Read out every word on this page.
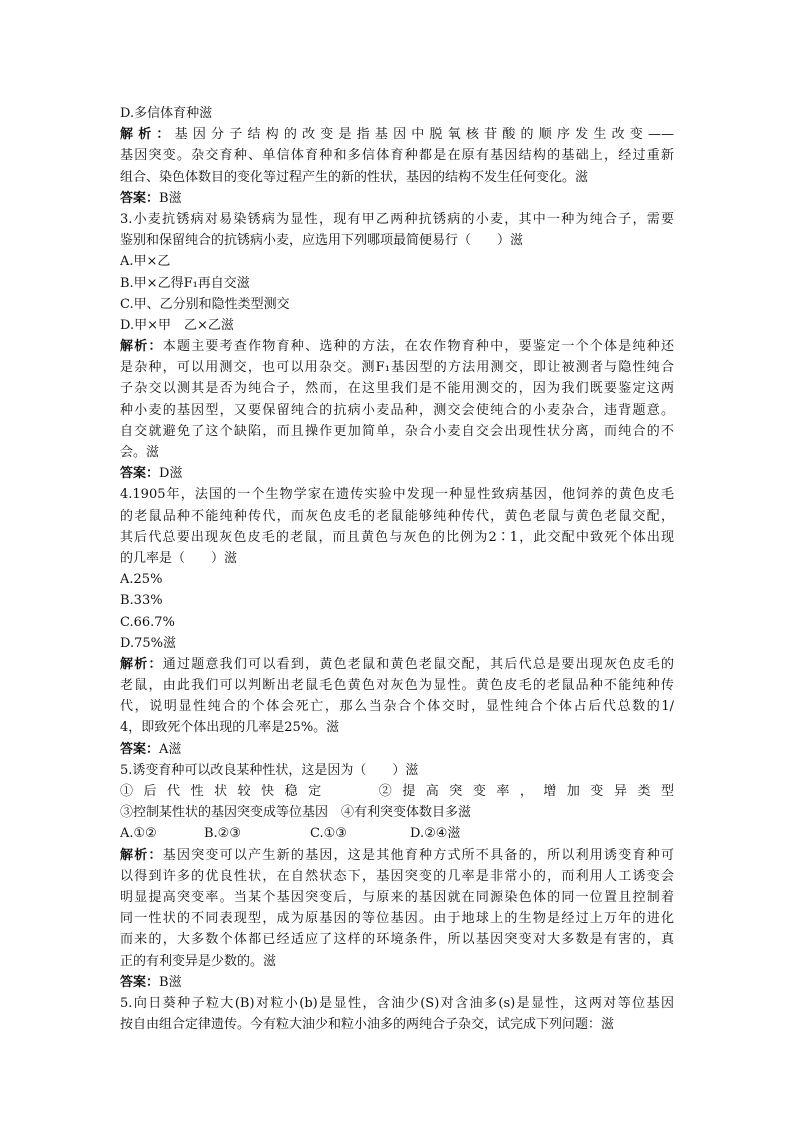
D.多信体育种滋
解析：基因分子结构的改变是指基因中脱氧核苷酸的顺序发生改变——
基因突变。杂交育种、单信体育种和多信体育种都是在原有基因结构的基础上，经过重新
组合、染色体数目的变化等过程产生的新的性状，基因的结构不发生任何变化。滋
答案：B滋
3.小麦抗锈病对易染锈病为显性，现有甲乙两种抗锈病的小麦，其中一种为纯合子，需要
鉴别和保留纯合的抗锈病小麦，应选用下列哪项最简便易行（　　）滋
A.甲×乙
B.甲×乙得F₁再自交滋
C.甲、乙分别和隐性类型测交
D.甲×甲　乙×乙滋
解析：本题主要考查作物育种、选种的方法，在农作物育种中，要鉴定一个个体是纯种还
是杂种，可以用测交，也可以用杂交。测F₁基因型的方法用测交，即让被测者与隐性纯合
子杂交以测其是否为纯合子，然而，在这里我们是不能用测交的，因为我们既要鉴定这两
种小麦的基因型，又要保留纯合的抗病小麦品种，测交会使纯合的小麦杂合，违背题意。
自交就避免了这个缺陷，而且操作更加简单，杂合小麦自交会出现性状分离，而纯合的不
会。滋
答案：D滋
4.1905年，法国的一个生物学家在遗传实验中发现一种显性致病基因，他饲养的黄色皮毛
的老鼠品种不能纯种传代，而灰色皮毛的老鼠能够纯种传代，黄色老鼠与黄色老鼠交配，
其后代总要出现灰色皮毛的老鼠，而且黄色与灰色的比例为2∶1，此交配中致死个体出现
的几率是（　　）滋
A.25%
B.33%
C.66.7%
D.75%滋
解析：通过题意我们可以看到，黄色老鼠和黄色老鼠交配，其后代总是要出现灰色皮毛的
老鼠，由此我们可以判断出老鼠毛色黄色对灰色为显性。黄色皮毛的老鼠品种不能纯种传
代，说明显性纯合的个体会死亡，那么当杂合个体交时，显性纯合个体占后代总数的1/
4，即致死个体出现的几率是25%。滋
答案：A滋
5.诱变育种可以改良某种性状，这是因为（　　）滋
①后代性状较快稳定　　②提高突变率，增加变异类型
③控制某性状的基因突变成等位基因　④有利突变体数目多滋
A.①②	B.②③	C.①③	D.②④滋
解析：基因突变可以产生新的基因，这是其他育种方式所不具备的，所以利用诱变育种可
以得到许多的优良性状，在自然状态下，基因突变的几率是非常小的，而利用人工诱变会
明显提高突变率。当某个基因突变后，与原来的基因就在同源染色体的同一位置且控制着
同一性状的不同表现型，成为原基因的等位基因。由于地球上的生物是经过上万年的进化
而来的，大多数个体都已经适应了这样的环境条件，所以基因突变对大多数是有害的，真
正的有利变异是少数的。滋
答案：B滋
5.向日葵种子粒大(B)对粒小(b)是显性，含油少(S)对含油多(s)是显性，这两对等位基因
按自由组合定律遗传。今有粒大油少和粒小油多的两纯合子杂交，试完成下列问题：滋
